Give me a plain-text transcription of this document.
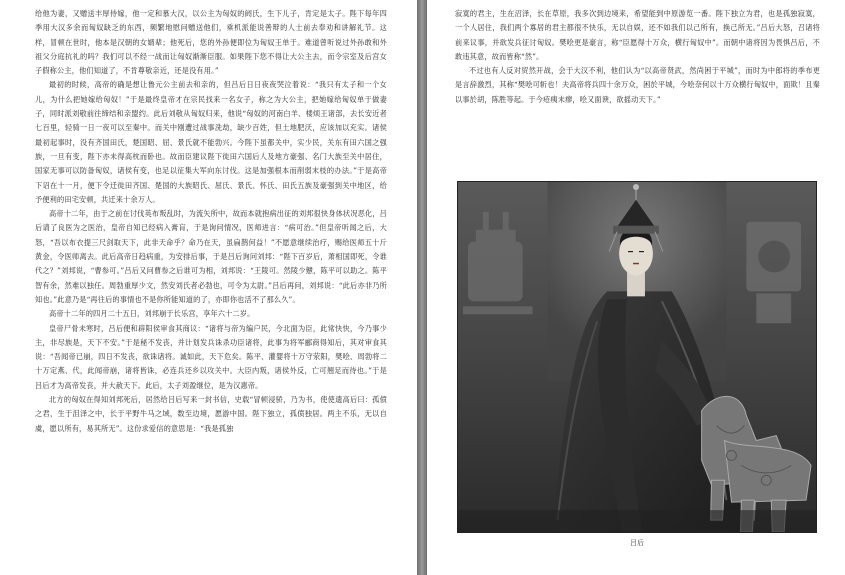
给他为妻，又赠送丰厚侍嫁，他一定和慕大汉，以公主为匈奴的阏氏，生下儿子，肯定是太子。陛下每年四季用大汉多余而匈奴缺乏的东西，频繁地慰问赠送他们，乘机派能说善辩的人士前去奉劝和讲解礼节。这样，冒顿在世时，他本是汉朝的女婿辈；他死后，您的外孙便即位为匈奴王单于。难道曾听说过外孙敢和外祖父分庭抗礼的吗？我们可以不经一战而让匈奴渐渐臣服。如果陛下您不得让大公主去，而令宗室及后宫女子假称公主，他们知道了，不肯尊敬亲近，还是没有用。”

最初的时候，高帝的确是想让鲁元公主前去和亲的，但吕后日日夜夜哭泣着说：“我只有太子和一个女儿，为什么把她嫁给匈奴！”于是最终皇帝才在宗民找来一名女子，称之为大公主，把她嫁给匈奴单于做妻子，同时派刘敬前往缔结和亲盟约。此后刘敬从匈奴归来，他说“匈奴的河南白羊、楼烦王诸部，去长安近者七百里，轻骑一日一夜可以至秦中。而关中刚遭过战事洗劫，缺少百姓，但土地肥沃，应该加以充实。诸侯最初起事时，没有齐国田氏，楚国昭、屈、景氏就不能勃兴。今陛下虽都关中，实少民，关东有田六国之强族，一旦有变，陛下亦未得高枕而卧也。故而臣建议陛下徙田六国后人及地方豪强、名门大族至关中居住，国家无事可以防备匈奴，诸侯有变，也足以征集大军向东讨伐。这是加强根本而削弱末枝的办法。”于是高帝下诏在十一月，便下令迁徙田齐国、楚国的大族昭氏、屈氏、景氏、怀氏、田氏五族及豪强到关中地区，给予便利的田宅安顿，共迁来十余万人。

高帝十二年，由于之前在讨伐英布叛乱时，为流矢所中，故而本就抱病出征的刘邦很快身体状况恶化，吕后请了良医为之医治，皇帝自知已经病入膏肓，于是询问情况，医师进言：“病可治。”但皇帝听闻之后，大怒，“吾以布衣提三尺剑取天下，此非天命乎？命乃在天，虽扁鹊何益！”不愿意继续治疗，赐给医师五十斤黄金，令医师离去。此后高帝日趋病重，为安排后事，于是吕后询问刘邦：“陛下百岁后，萧相国即死，令谁代之？”刘邦说，“曹参可。”吕后又问曹参之后谁可为相，刘邦说：“王陵可。然陵少戆，陈平可以助之。陈平智有余，然难以独任。周勃重厚少文，然安刘氏者必勃也，可令为太尉。”吕后再问，刘邦说：“此后亦非乃所知也。”此意乃是“再往后的事情也不是你所能知道的了，亦即你也活不了那么久”。

高帝十二年的四月二十五日，刘邦崩于长乐宫，享年六十二岁。

皇帝尸骨未寒时，吕后便和辟阳侯审食其商议：“诸将与帝为编户民，今北面为臣，此常快快，今乃事少主，非尽族是，天下不安。”于是秘不发丧，并计划发兵诛杀功臣诸将，此事为将军郦商得知后，其对审食其说：“吾闻帝已崩，四日不发丧，欲诛诸将。诚如此，天下危矣。陈平、灌婴将十万守荥阳，樊哙、周勃将二十万定燕、代，此闻帝崩，诸将皆诛，必连兵还乡以攻关中。大臣内叛，诸侯外反，亡可翘足而待也。”于是吕后才为高帝发丧，并大赦天下。此后，太子刘盈继位，是为汉惠帝。

北方的匈奴在得知刘邦死后，居然给吕后写来一封书信，史载“冒顿浸骄，乃为书，使使遗高后曰：孤偾之君，生于沮泽之中，长于平野牛马之域，数至边境，愿游中国。陛下独立，孤偾独居。两主不乐，无以自虞，愿以所有，易其所无”。这份求爱信的意思是：“我是孤独

寂寞的君主，生在沼泽，长在草原，我多次到边境来，希望能到中原游览一番。陛下独立为君，也是孤独寂寞，一个人居住，我们两个寡居的君主都很不快乐，无以自娱，还不如我们以己所有，换己所无。”吕后大怒，召诸将前来议事，并欲发兵征讨匈奴。樊哙更是豪言，称“臣愿得十万众，横行匈奴中”。而朝中诸将因为畏惧吕后，不敢违其意，故而皆称“然”。

不过也有人反对贸然开战，会于大汉不利，他们认为“以高帝贤武，然尚困于平城”，而时为中郎将的季布更是言辞激烈，其称“樊哙可斩也！夫高帝将兵四十余万众，困於平城，今哙奈何以十万众横行匈奴中，面欺！且秦以事於胡，陈胜等起。于今疮痍未瘳，哙又面谀，欲摇动天下。”

吕后
